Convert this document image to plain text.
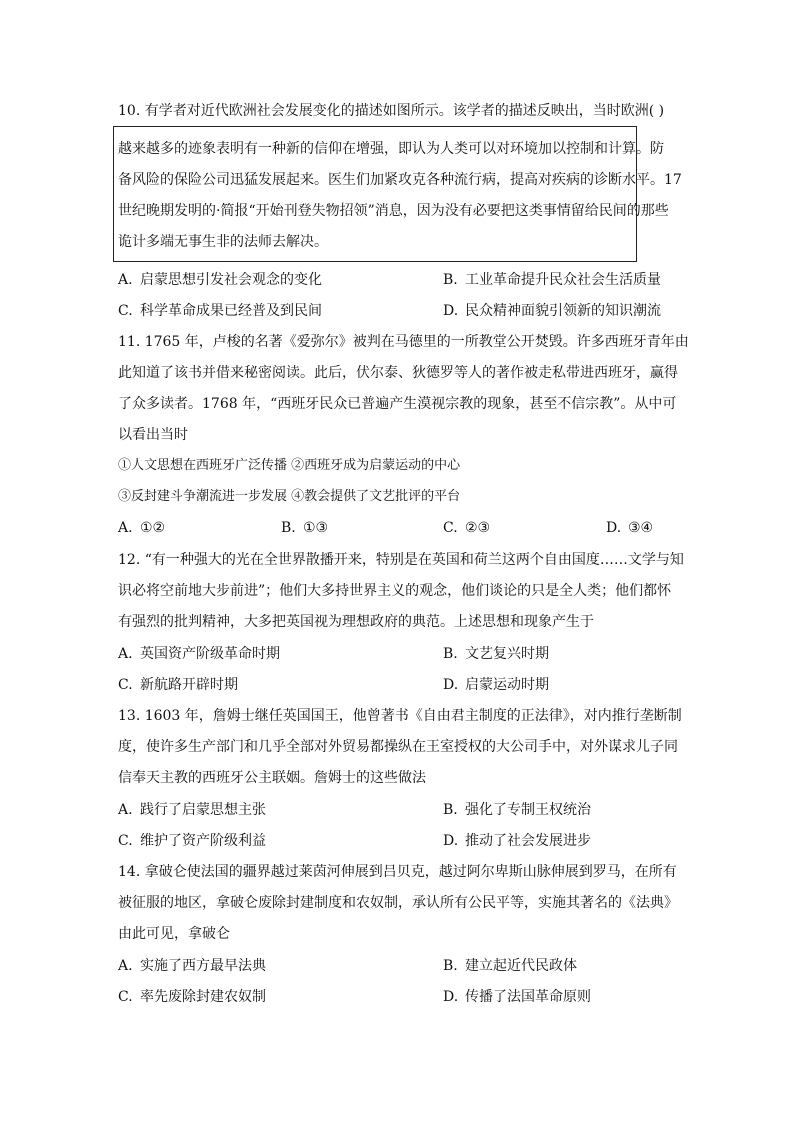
10. 有学者对近代欧洲社会发展变化的描述如图所示。该学者的描述反映出，当时欧洲( )
越来越多的迹象表明有一种新的信仰在增强，即认为人类可以对环境加以控制和计算。防
备风险的保险公司迅猛发展起来。医生们加紧攻克各种流行病，提高对疾病的诊断水平。17
世纪晚期发明的·简报“开始刊登失物招领”消息，因为没有必要把这类事情留给民间的那些
诡计多端无事生非的法师去解决。
A. 启蒙思想引发社会观念的变化	B. 工业革命提升民众社会生活质量
C. 科学革命成果已经普及到民间	D. 民众精神面貌引领新的知识潮流
11. 1765 年，卢梭的名著《爱弥尔》被判在马德里的一所教堂公开焚毁。许多西班牙青年由
此知道了该书并借来秘密阅读。此后，伏尔泰、狄德罗等人的著作被走私带进西班牙，赢得
了众多读者。1768 年，“西班牙民众已普遍产生漠视宗教的现象，甚至不信宗教”。从中可
以看出当时
①人文思想在西班牙广泛传播 ②西班牙成为启蒙运动的中心
③反封建斗争潮流进一步发展 ④教会提供了文艺批评的平台
A. ①②	B. ①③	C. ②③	D. ③④
12. “有一种强大的光在全世界散播开来，特别是在英国和荷兰这两个自由国度……文学与知
识必将空前地大步前进”；他们大多持世界主义的观念，他们谈论的只是全人类；他们都怀
有强烈的批判精神，大多把英国视为理想政府的典范。上述思想和现象产生于
A. 英国资产阶级革命时期	B. 文艺复兴时期
C. 新航路开辟时期	D. 启蒙运动时期
13. 1603 年，詹姆士继任英国国王，他曾著书《自由君主制度的正法律》，对内推行垄断制
度，使许多生产部门和几乎全部对外贸易都操纵在王室授权的大公司手中，对外谋求儿子同
信奉天主教的西班牙公主联姻。詹姆士的这些做法
A. 践行了启蒙思想主张	B. 强化了专制王权统治
C. 维护了资产阶级利益	D. 推动了社会发展进步
14. 拿破仑使法国的疆界越过莱茵河伸展到吕贝克，越过阿尔卑斯山脉伸展到罗马，在所有
被征服的地区，拿破仑废除封建制度和农奴制，承认所有公民平等，实施其著名的《法典》
由此可见，拿破仑
A. 实施了西方最早法典	B. 建立起近代民政体
C. 率先废除封建农奴制	D. 传播了法国革命原则
